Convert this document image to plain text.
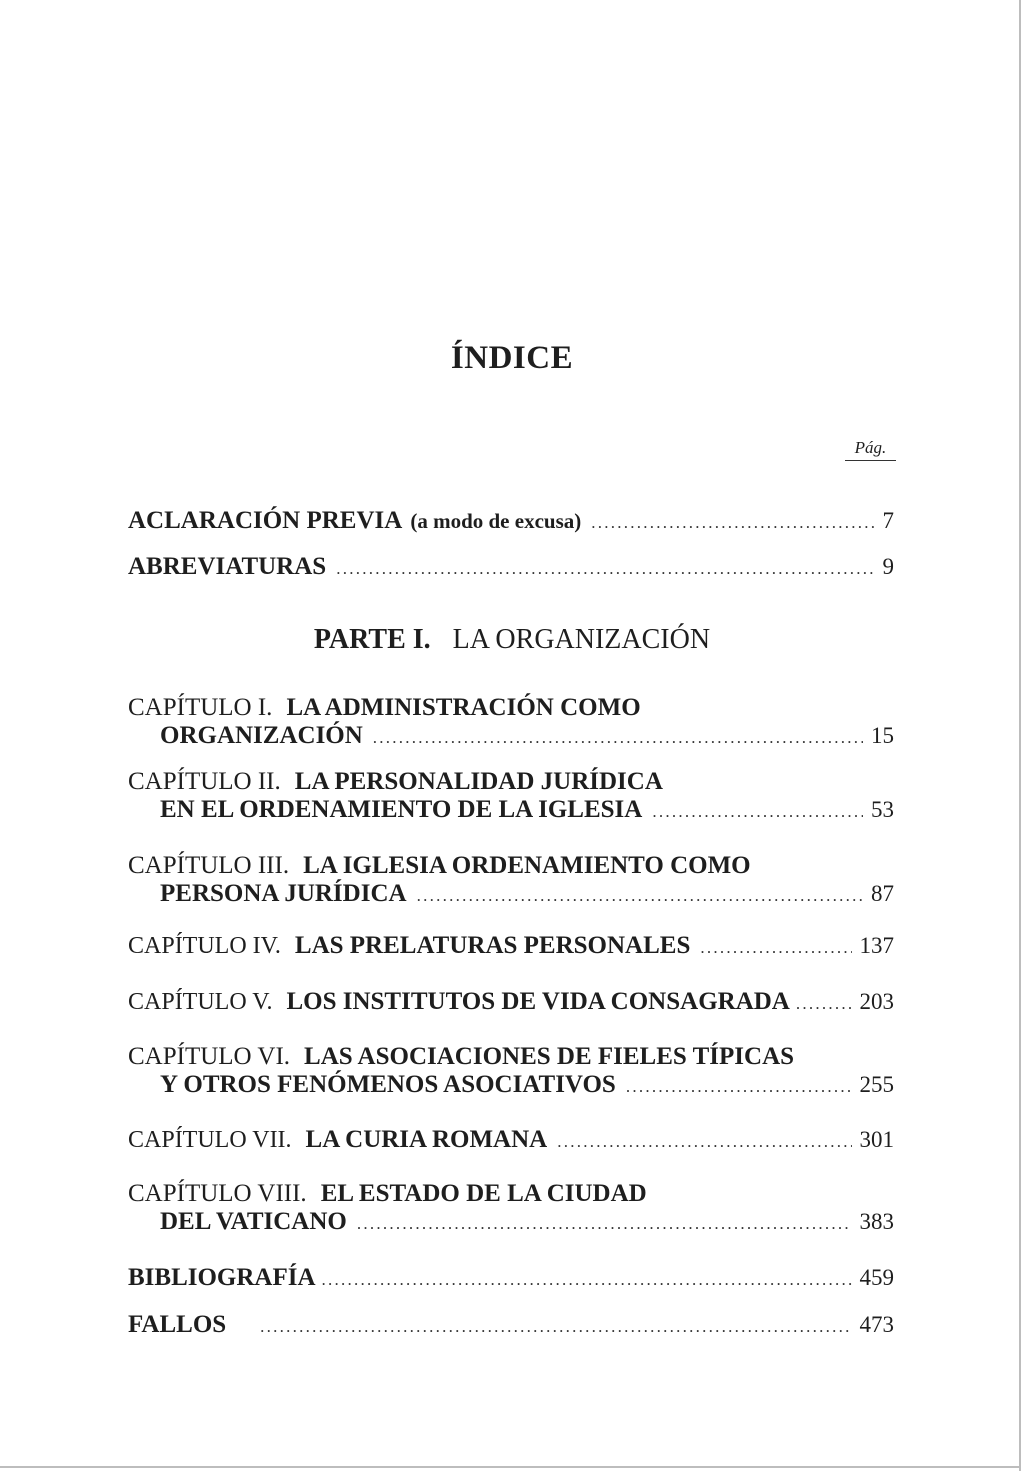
ÍNDICE
Pág.
ACLARACIÓN PREVIA (a modo de excusa) . . .	7
ABREVIATURAS . . .	9
PARTE I. LA ORGANIZACIÓN
CAPÍTULO I. LA ADMINISTRACIÓN COMO
ORGANIZACIÓN . . .	15
CAPÍTULO II. LA PERSONALIDAD JURÍDICA
EN EL ORDENAMIENTO DE LA IGLESIA . . .	53
CAPÍTULO III. LA IGLESIA ORDENAMIENTO COMO
PERSONA JURÍDICA . . .	87
CAPÍTULO IV. LAS PRELATURAS PERSONALES . . .	137
CAPÍTULO V. LOS INSTITUTOS DE VIDA CONSAGRADA . . .	203
CAPÍTULO VI. LAS ASOCIACIONES DE FIELES TÍPICAS
Y OTROS FENÓMENOS ASOCIATIVOS . . .	255
CAPÍTULO VII. LA CURIA ROMANA . . .	301
CAPÍTULO VIII. EL ESTADO DE LA CIUDAD
DEL VATICANO . . .	383
BIBLIOGRAFÍA . . .	459
FALLOS . . .	473
